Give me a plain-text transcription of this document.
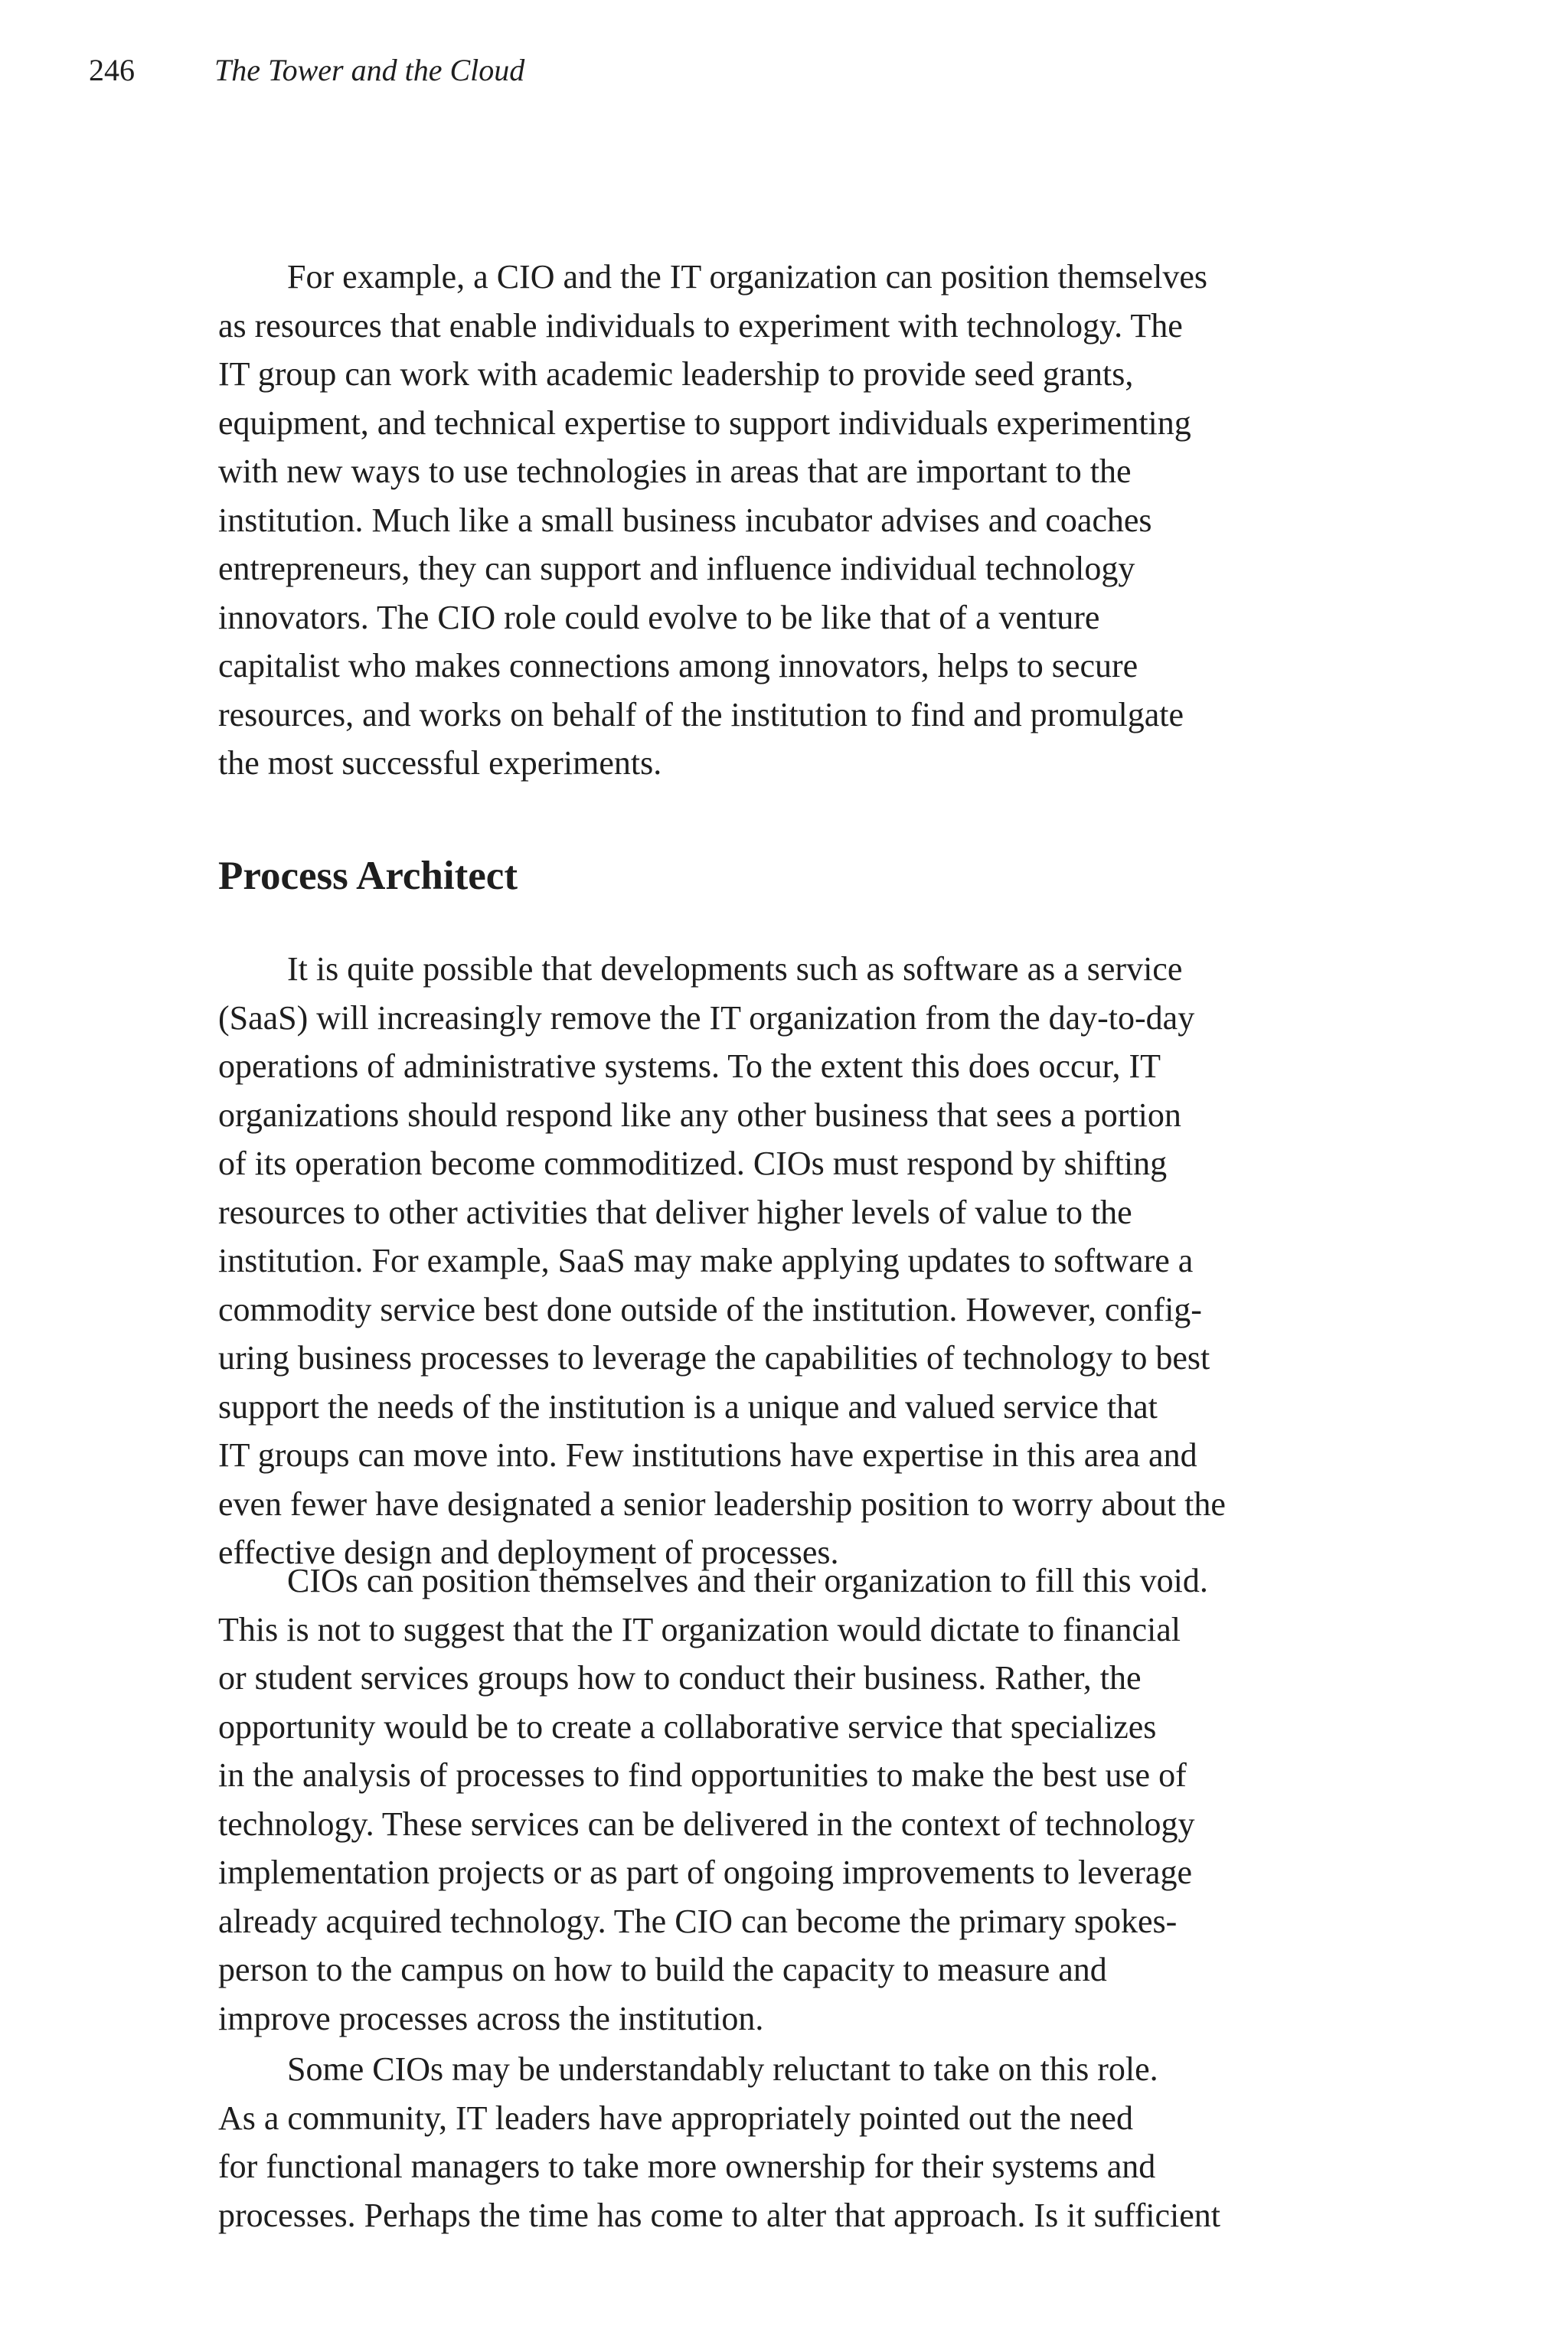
246	The Tower and the Cloud
For example, a CIO and the IT organization can position themselves
as resources that enable individuals to experiment with technology. The
IT group can work with academic leadership to provide seed grants,
equipment, and technical expertise to support individuals experimenting
with new ways to use technologies in areas that are important to the
institution. Much like a small business incubator advises and coaches
entrepreneurs, they can support and influence individual technology
innovators. The CIO role could evolve to be like that of a venture
capitalist who makes connections among innovators, helps to secure
resources, and works on behalf of the institution to find and promulgate
the most successful experiments.
Process Architect
It is quite possible that developments such as software as a service
(SaaS) will increasingly remove the IT organization from the day-to-day
operations of administrative systems. To the extent this does occur, IT
organizations should respond like any other business that sees a portion
of its operation become commoditized. CIOs must respond by shifting
resources to other activities that deliver higher levels of value to the
institution. For example, SaaS may make applying updates to software a
commodity service best done outside of the institution. However, config-
uring business processes to leverage the capabilities of technology to best
support the needs of the institution is a unique and valued service that
IT groups can move into. Few institutions have expertise in this area and
even fewer have designated a senior leadership position to worry about the
effective design and deployment of processes.
CIOs can position themselves and their organization to fill this void.
This is not to suggest that the IT organization would dictate to financial
or student services groups how to conduct their business. Rather, the
opportunity would be to create a collaborative service that specializes
in the analysis of processes to find opportunities to make the best use of
technology. These services can be delivered in the context of technology
implementation projects or as part of ongoing improvements to leverage
already acquired technology. The CIO can become the primary spokes-
person to the campus on how to build the capacity to measure and
improve processes across the institution.
Some CIOs may be understandably reluctant to take on this role.
As a community, IT leaders have appropriately pointed out the need
for functional managers to take more ownership for their systems and
processes. Perhaps the time has come to alter that approach. Is it sufficient
